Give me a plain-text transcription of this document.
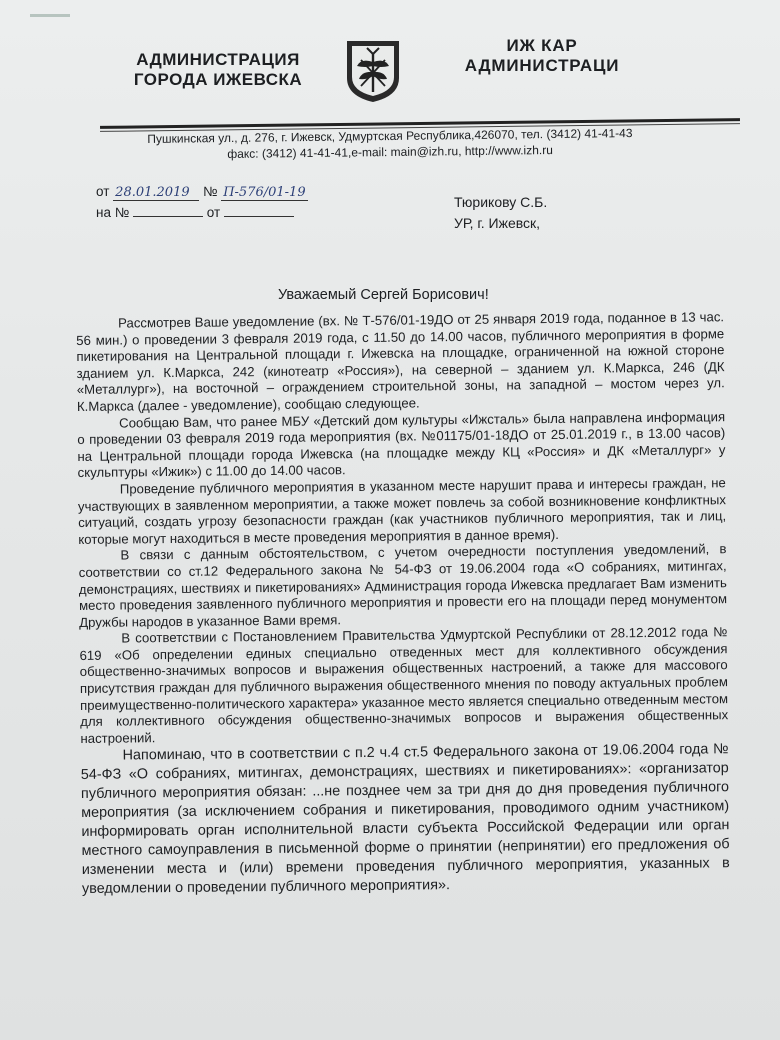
АДМИНИСТРАЦИЯ
ГОРОДА ИЖЕВСКА
ИЖ КАР
АДМИНИСТРАЦИ
Пушкинская ул., д. 276, г. Ижевск, Удмуртская Республика,426070, тел. (3412) 41-41-43
факс: (3412) 41-41-41,e-mail: main@izh.ru, http://www.izh.ru
от 28.01.2019 № П-576/01-19
на №	от
Тюрикову С.Б.
УР, г. Ижевск,
Уважаемый Сергей Борисович!

Рассмотрев Ваше уведомление (вх. № Т-576/01-19ДО от 25 января 2019 года, поданное в 13 час. 56 мин.) о проведении 3 февраля 2019 года, с 11.50 до 14.00 часов, публичного мероприятия в форме пикетирования на Центральной площади г. Ижевска на площадке, ограниченной на южной стороне зданием ул. К.Маркса, 242 (кинотеатр «Россия»), на северной – зданием ул. К.Маркса, 246 (ДК «Металлург»), на восточной – ограждением строительной зоны, на западной – мостом через ул. К.Маркса (далее - уведомление), сообщаю следующее.

Сообщаю Вам, что ранее МБУ «Детский дом культуры «Ижсталь» была направлена информация о проведении 03 февраля 2019 года мероприятия (вх. №01175/01-18ДО от 25.01.2019 г., в 13.00 часов) на Центральной площади города Ижевска (на площадке между КЦ «Россия» и ДК «Металлург» у скульптуры «Ижик») с 11.00 до 14.00 часов.

Проведение публичного мероприятия в указанном месте нарушит права и интересы граждан, не участвующих в заявленном мероприятии, а также может повлечь за собой возникновение конфликтных ситуаций, создать угрозу безопасности граждан (как участников публичного мероприятия, так и лиц, которые могут находиться в месте проведения мероприятия в данное время).

В связи с данным обстоятельством, с учетом очередности поступления уведомлений, в соответствии со ст.12 Федерального закона № 54-ФЗ от 19.06.2004 года «О собраниях, митингах, демонстрациях, шествиях и пикетированиях» Администрация города Ижевска предлагает Вам изменить место проведения заявленного публичного мероприятия и провести его на площади перед монументом Дружбы народов в указанное Вами время.

В соответствии с Постановлением Правительства Удмуртской Республики от 28.12.2012 года № 619 «Об определении единых специально отведенных мест для коллективного обсуждения общественно-значимых вопросов и выражения общественных настроений, а также для массового присутствия граждан для публичного выражения общественного мнения по поводу актуальных проблем преимущественно-политического характера» указанное место является специально отведенным местом для коллективного обсуждения общественно-значимых вопросов и выражения общественных настроений.

Напоминаю, что в соответствии с п.2 ч.4 ст.5 Федерального закона от 19.06.2004 года № 54-ФЗ «О собраниях, митингах, демонстрациях, шествиях и пикетированиях»: «организатор публичного мероприятия обязан: ...не позднее чем за три дня до дня проведения публичного мероприятия (за исключением собрания и пикетирования, проводимого одним участником) информировать орган исполнительной власти субъекта Российской Федерации или орган местного самоуправления в письменной форме о принятии (непринятии) его предложения об изменении места и (или) времени проведения публичного мероприятия, указанных в уведомлении о проведении публичного мероприятия».
